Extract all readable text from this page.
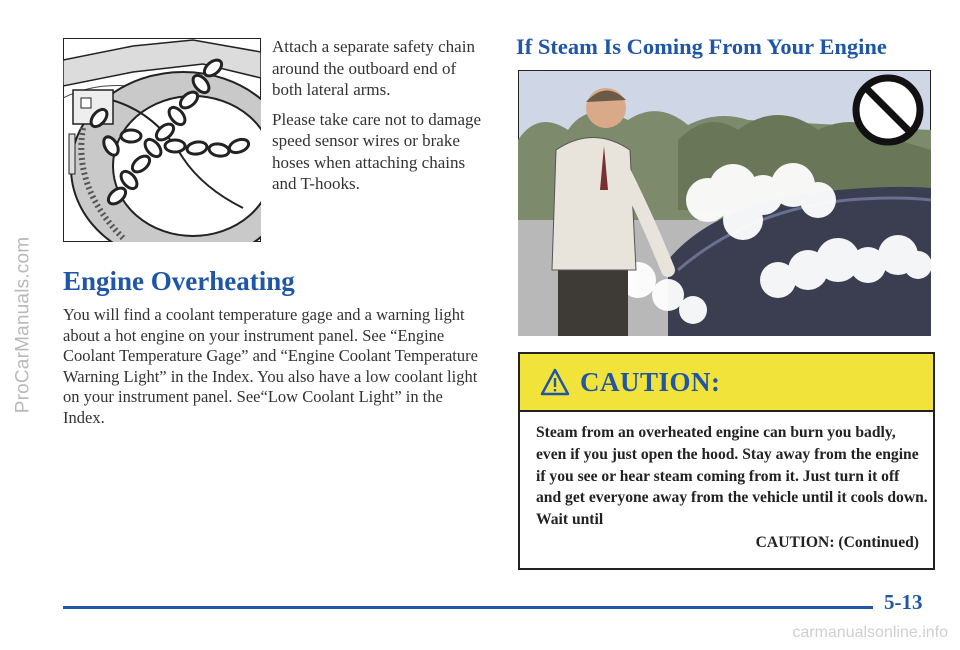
ProCarManuals.com

Attach a separate safety chain around the outboard end of both lateral arms.

Please take care not to damage speed sensor wires or brake hoses when attaching chains and T-hooks.

Engine Overheating

You will find a coolant temperature gage and a warning light about a hot engine on your instrument panel. See “Engine Coolant Temperature Gage” and “Engine Coolant Temperature Warning Light” in the Index. You also have a low coolant light on your instrument panel. See“Low Coolant Light” in the Index.

If Steam Is Coming From Your Engine
CAUTION:

Steam from an overheated engine can burn you badly, even if you just open the hood. Stay away from the engine if you see or hear steam coming from it. Just turn it off and get everyone away from the vehicle until it cools down. Wait until

CAUTION: (Continued)
5-13
carmanualsonline.info
